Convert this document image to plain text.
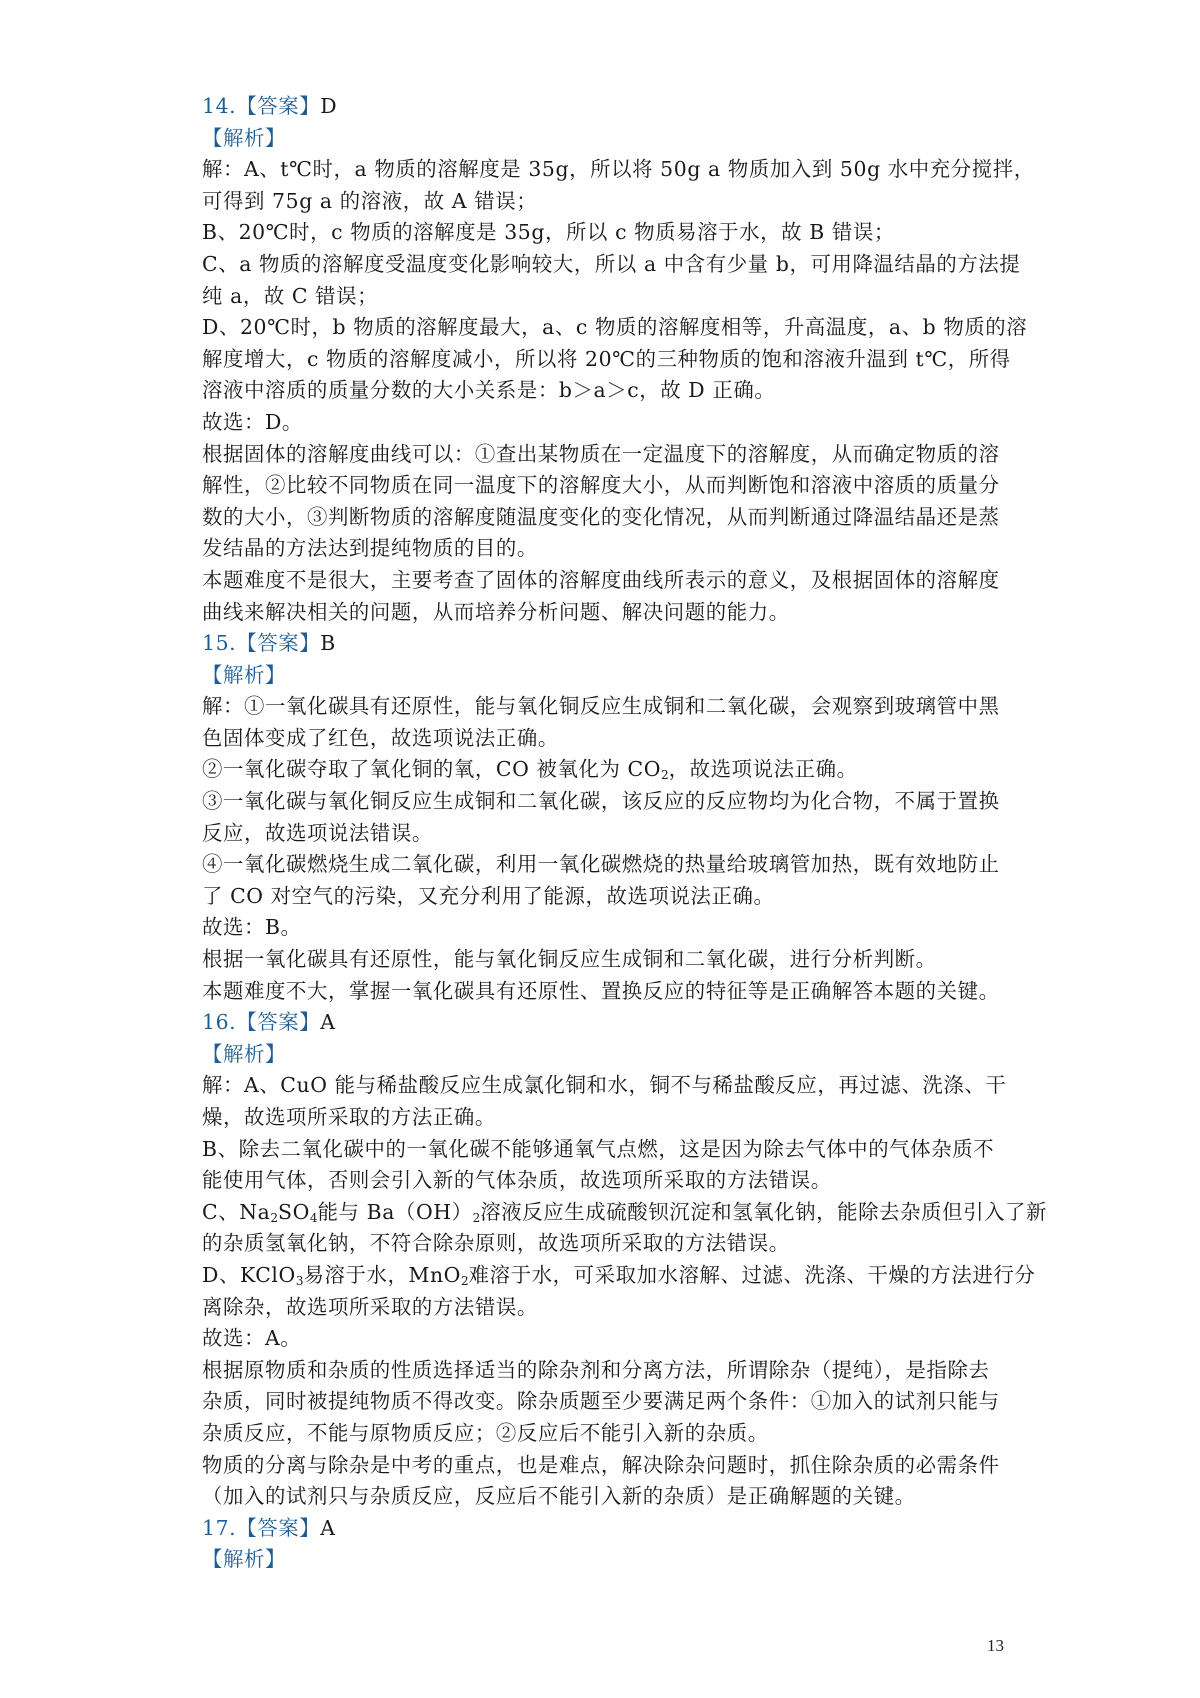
14.【答案】D

【解析】

解：A、t℃时，a 物质的溶解度是 35g，所以将 50g a 物质加入到 50g 水中充分搅拌，

可得到 75g a 的溶液，故 A 错误；

B、20℃时，c 物质的溶解度是 35g，所以 c 物质易溶于水，故 B 错误；

C、a 物质的溶解度受温度变化影响较大，所以 a 中含有少量 b，可用降温结晶的方法提

纯 a，故 C 错误；

D、20℃时，b 物质的溶解度最大，a、c 物质的溶解度相等，升高温度，a、b 物质的溶

解度增大，c 物质的溶解度减小，所以将 20℃的三种物质的饱和溶液升温到 t℃，所得

溶液中溶质的质量分数的大小关系是：b＞a＞c，故 D 正确。

故选：D。

根据固体的溶解度曲线可以：①查出某物质在一定温度下的溶解度，从而确定物质的溶

解性，②比较不同物质在同一温度下的溶解度大小，从而判断饱和溶液中溶质的质量分

数的大小，③判断物质的溶解度随温度变化的变化情况，从而判断通过降温结晶还是蒸

发结晶的方法达到提纯物质的目的。

本题难度不是很大，主要考查了固体的溶解度曲线所表示的意义，及根据固体的溶解度

曲线来解决相关的问题，从而培养分析问题、解决问题的能力。

15.【答案】B

【解析】

解：①一氧化碳具有还原性，能与氧化铜反应生成铜和二氧化碳，会观察到玻璃管中黑

色固体变成了红色，故选项说法正确。

②一氧化碳夺取了氧化铜的氧，CO 被氧化为 $CO_2$，故选项说法正确。

③一氧化碳与氧化铜反应生成铜和二氧化碳，该反应的反应物均为化合物，不属于置换

反应，故选项说法错误。

④一氧化碳燃烧生成二氧化碳，利用一氧化碳燃烧的热量给玻璃管加热，既有效地防止

了 CO 对空气的污染，又充分利用了能源，故选项说法正确。

故选：B。

根据一氧化碳具有还原性，能与氧化铜反应生成铜和二氧化碳，进行分析判断。

本题难度不大，掌握一氧化碳具有还原性、置换反应的特征等是正确解答本题的关键。

16.【答案】A

【解析】

解：A、CuO 能与稀盐酸反应生成氯化铜和水，铜不与稀盐酸反应，再过滤、洗涤、干

燥，故选项所采取的方法正确。

B、除去二氧化碳中的一氧化碳不能够通氧气点燃，这是因为除去气体中的气体杂质不

能使用气体，否则会引入新的气体杂质，故选项所采取的方法错误。

C、$Na_2SO_4$能与 $Ba(OH)_2$溶液反应生成硫酸钡沉淀和氢氧化钠，能除去杂质但引入了新

的杂质氢氧化钠，不符合除杂原则，故选项所采取的方法错误。

D、KClO$_3$易溶于水，MnO$_2$难溶于水，可采取加水溶解、过滤、洗涤、干燥的方法进行分

离除杂，故选项所采取的方法错误。

故选：A。

根据原物质和杂质的性质选择适当的除杂剂和分离方法，所谓除杂（提纯），是指除去

杂质，同时被提纯物质不得改变。除杂质题至少要满足两个条件：①加入的试剂只能与

杂质反应，不能与原物质反应；②反应后不能引入新的杂质。

物质的分离与除杂是中考的重点，也是难点，解决除杂问题时，抓住除杂质的必需条件

（加入的试剂只与杂质反应，反应后不能引入新的杂质）是正确解题的关键。

17.【答案】A

【解析】

13
